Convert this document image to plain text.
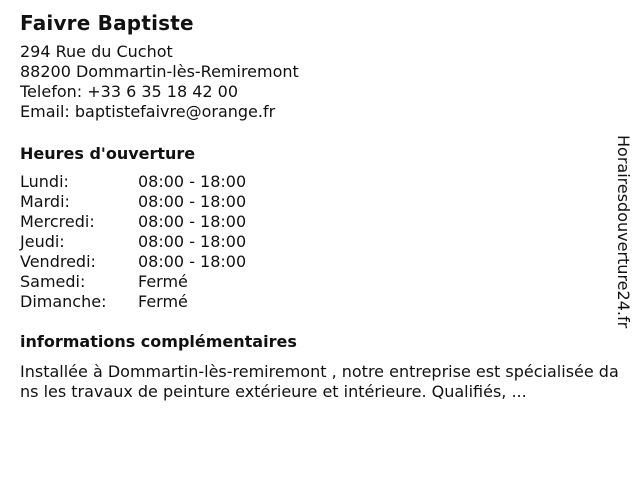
Faivre Baptiste
294 Rue du Cuchot
88200 Dommartin-lès-Remiremont
Telefon: +33 6 35 18 42 00
Email: baptistefaivre@orange.fr
Heures d'ouverture
Lundi:	08:00 - 18:00
Mardi:	08:00 - 18:00
Mercredi:	08:00 - 18:00
Jeudi:	08:00 - 18:00
Vendredi:	08:00 - 18:00
Samedi:	Fermé
Dimanche:	Fermé
informations complémentaires
Installée à Dommartin-lès-remiremont , notre entreprise est spécialisée dans les travaux de peinture extérieure et intérieure. Qualifiés, ...
Horairesdouverture24.fr
